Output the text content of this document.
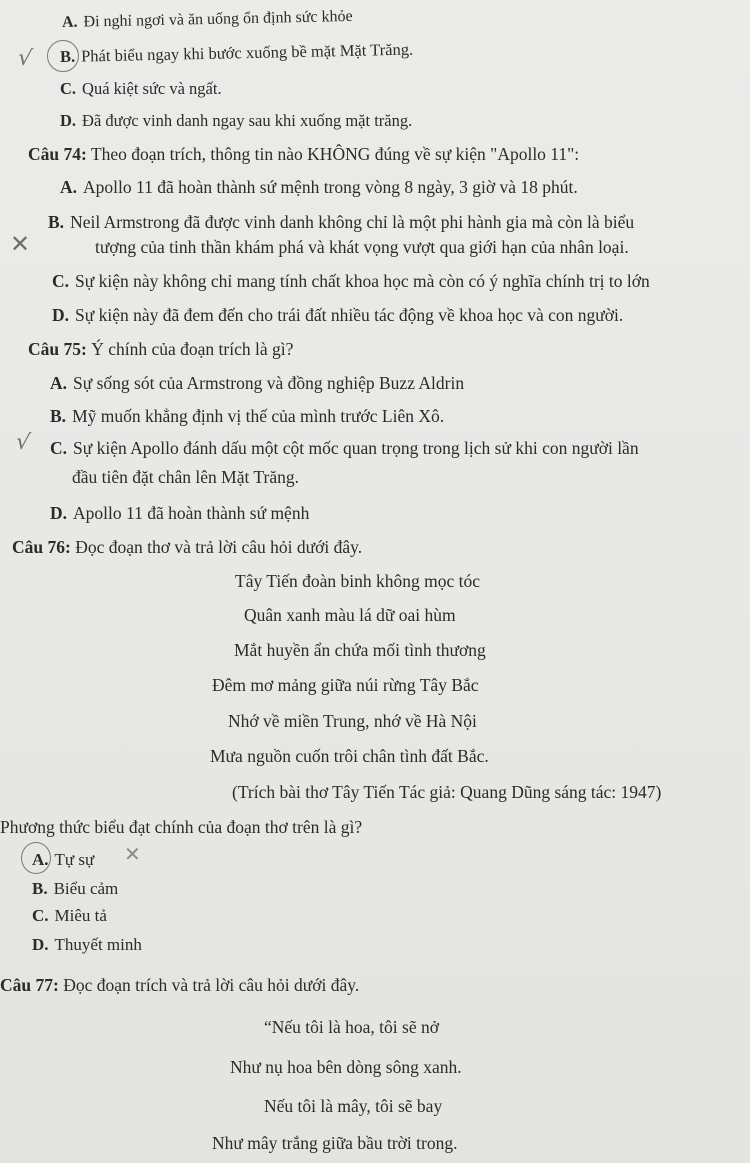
A. Đi nghỉ ngơi và ăn uống ổn định sức khỏe
B. Phát biểu ngay khi bước xuống bề mặt Mặt Trăng.
√
C. Quá kiệt sức và ngất.
D. Đã được vinh danh ngay sau khi xuống mặt trăng.
Câu 74: Theo đoạn trích, thông tin nào KHÔNG đúng về sự kiện "Apollo 11":
A. Apollo 11 đã hoàn thành sứ mệnh trong vòng 8 ngày, 3 giờ và 18 phút.
B. Neil Armstrong đã được vinh danh không chỉ là một phi hành gia mà còn là biểu
tượng của tinh thần khám phá và khát vọng vượt qua giới hạn của nhân loại.
✕
C. Sự kiện này không chỉ mang tính chất khoa học mà còn có ý nghĩa chính trị to lớn
D. Sự kiện này đã đem đến cho trái đất nhiều tác động về khoa học và con người.
Câu 75: Ý chính của đoạn trích là gì?
A. Sự sống sót của Armstrong và đồng nghiệp Buzz Aldrin
B. Mỹ muốn khẳng định vị thế của mình trước Liên Xô.
C. Sự kiện Apollo đánh dấu một cột mốc quan trọng trong lịch sử khi con người lần
√
đầu tiên đặt chân lên Mặt Trăng.
D. Apollo 11 đã hoàn thành sứ mệnh
Câu 76: Đọc đoạn thơ và trả lời câu hỏi dưới đây.
Tây Tiến đoàn binh không mọc tóc
Quân xanh màu lá dữ oai hùm
Mắt huyền ẩn chứa mối tình thương
Đêm mơ mảng giữa núi rừng Tây Bắc
Nhớ về miền Trung, nhớ về Hà Nội
Mưa nguồn cuốn trôi chân tình đất Bắc.
(Trích bài thơ Tây Tiến Tác giả: Quang Dũng sáng tác: 1947)
Phương thức biểu đạt chính của đoạn thơ trên là gì?
A. Tự sự ✕
B. Biểu cảm
C. Miêu tả
D. Thuyết minh
Câu 77: Đọc đoạn trích và trả lời câu hỏi dưới đây.
“Nếu tôi là hoa, tôi sẽ nở
Như nụ hoa bên dòng sông xanh.
Nếu tôi là mây, tôi sẽ bay
Như mây trắng giữa bầu trời trong.
